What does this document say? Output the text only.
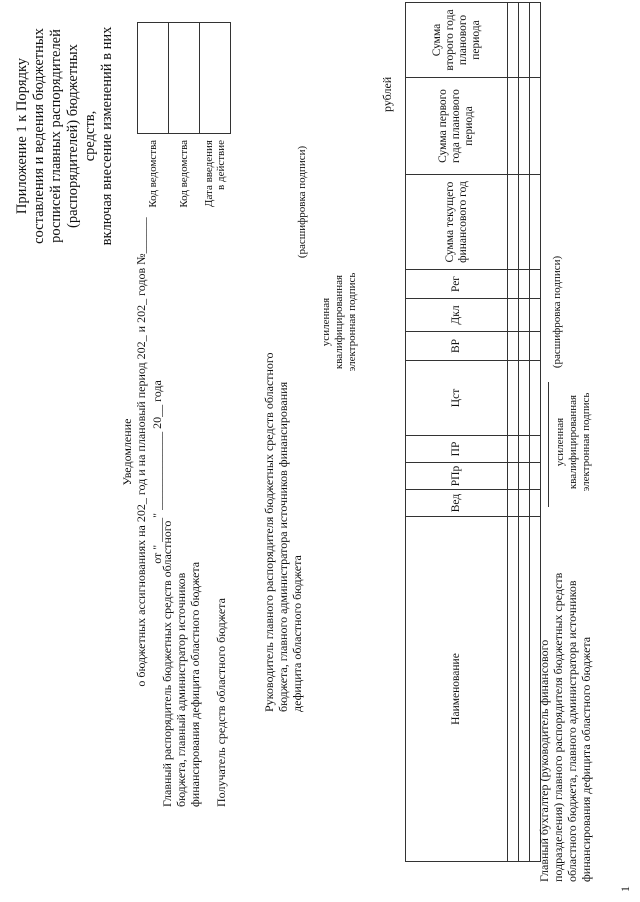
Приложение 1 к Порядку составления и ведения бюджетных росписей главных распорядителей (распорядителей) бюджетных средств, включая внесение изменений в них
Уведомление о бюджетных ассигнованиях на 202_ год и на плановый период 202_ и 202_ годов №______ от " ____" _____________ 20__ года
Главный распорядитель бюджетных средств областного бюджета, главный администратор источников финансирования дефицита областного бюджета Получатель средств областного бюджета
Код ведомства	
Код ведомства	
Дата введения в действие	
Руководитель главного распорядителя бюджетных средств областного бюджета, главного администратора источников финансирования дефицита областного бюджета
усиленная квалифицированная электронная подпись
(расшифровка подписи)
рублей
Наименование	Вед	РПр	ПР	Цст	ВР	Дкл	Рег	Сумма текущего финансового год	Сумма первого года планового периода	Сумма второго года планового периода

Главный бухгалтер (руководитель финансового подразделения) главного распорядителя бюджетных средств областного бюджета, главного администратора источников финансирования дефицита областного бюджета
усиленная квалифицированная электронная подпись
(расшифровка подписи)
1
